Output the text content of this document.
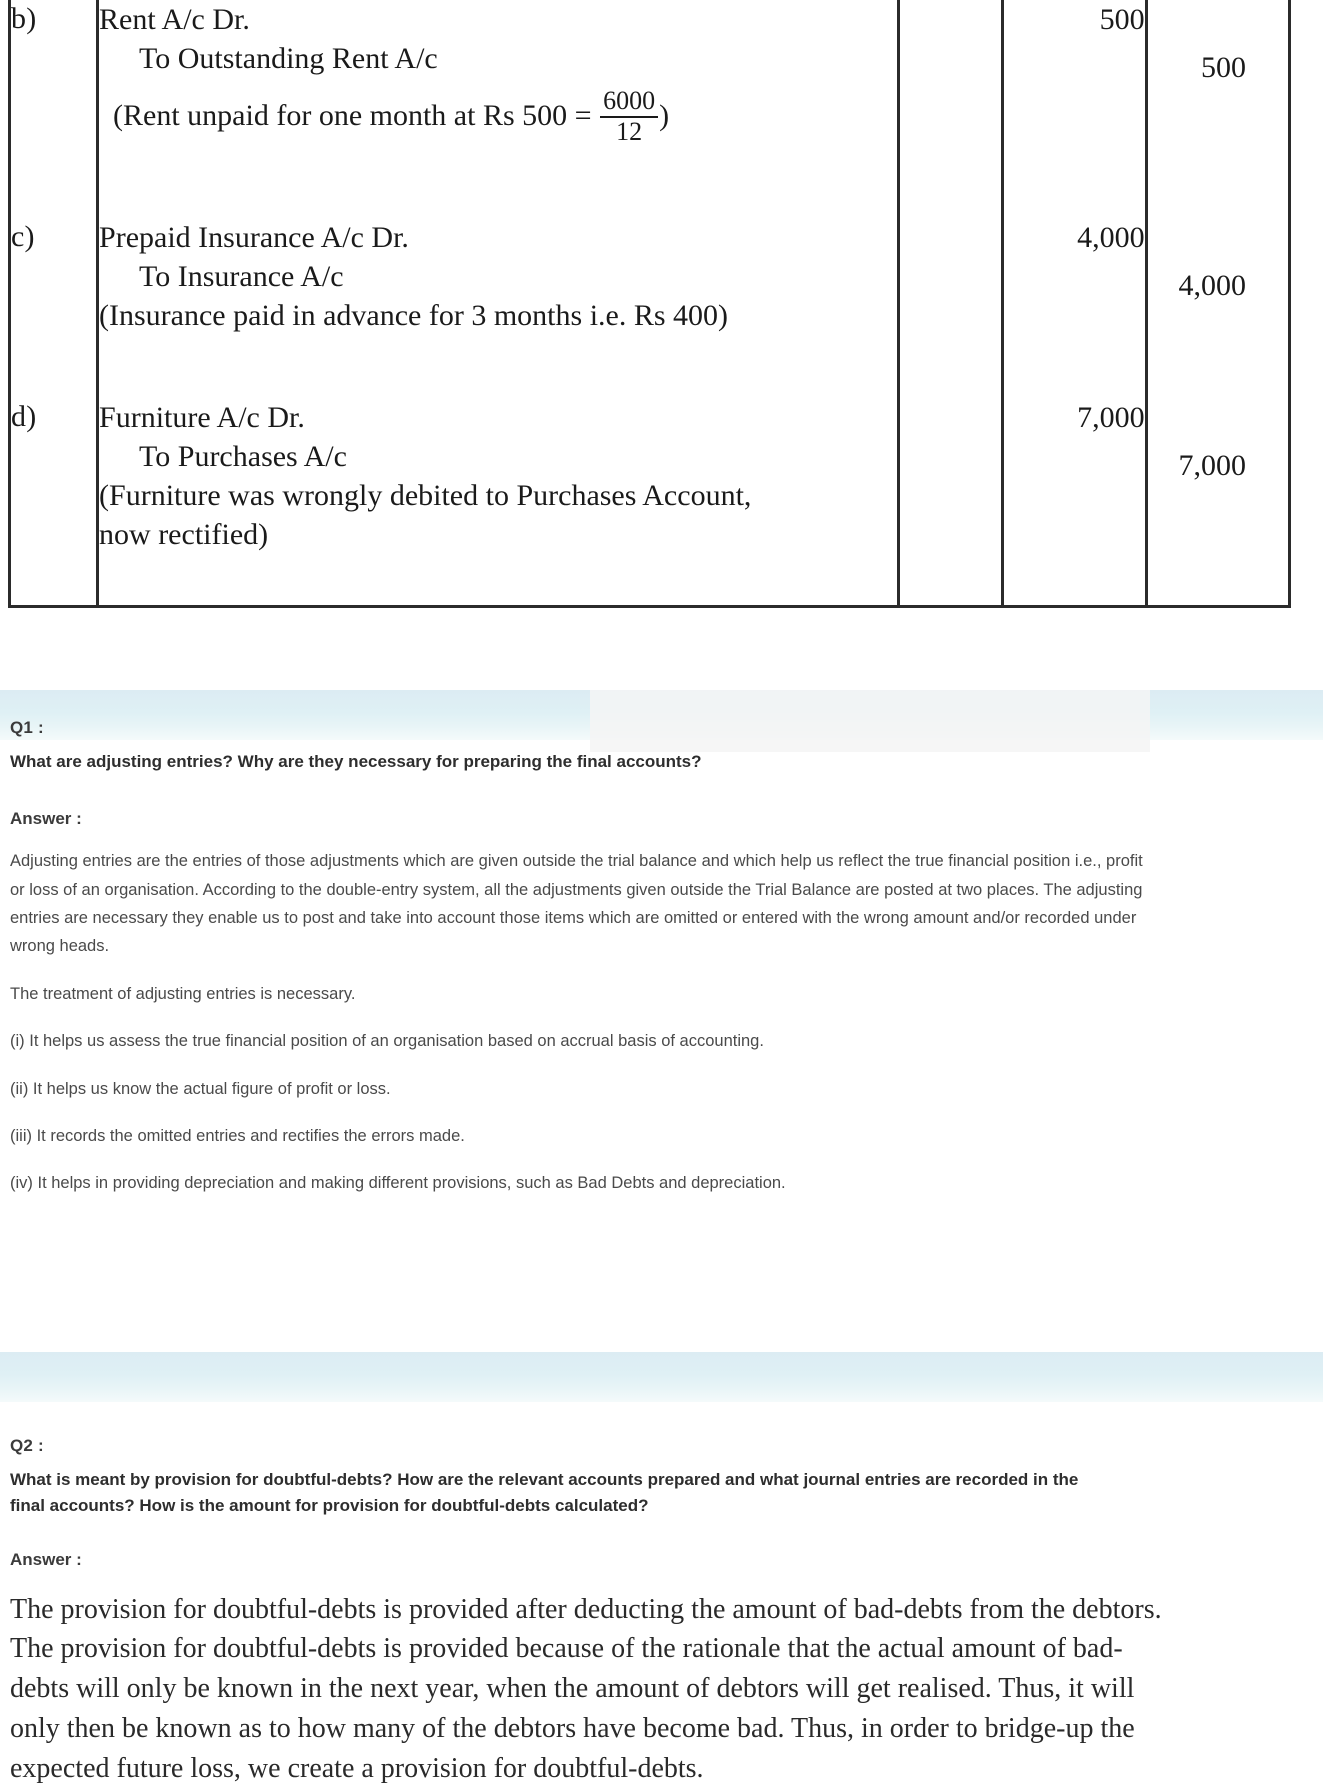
b)	Rent A/c Dr.
To Outstanding Rent A/c
(Rent unpaid for one month at Rs $500 = \frac{6000}{12}$ )
		500	500

c)	Prepaid Insurance A/c Dr.
To Insurance A/c
(Insurance paid in advance for 3 months i.e. Rs 400)		4,000	4,000

d)	Furniture A/c Dr.
To Purchases A/c
(Furniture was wrongly debited to Purchases Account,
now rectified)		7,000	7,000
Q1 :
What are adjusting entries? Why are they necessary for preparing the final accounts?
Answer :

Adjusting entries are the entries of those adjustments which are given outside the trial balance and which help us reflect the true financial position i.e., profit or loss of an organisation. According to the double-entry system, all the adjustments given outside the Trial Balance are posted at two places. The adjusting entries are necessary they enable us to post and take into account those items which are omitted or entered with the wrong amount and/or recorded under wrong heads.

The treatment of adjusting entries is necessary.

(i) It helps us assess the true financial position of an organisation based on accrual basis of accounting.

(ii) It helps us know the actual figure of profit or loss.

(iii) It records the omitted entries and rectifies the errors made.

(iv) It helps in providing depreciation and making different provisions, such as Bad Debts and depreciation.

Q2 :
What is meant by provision for doubtful-debts? How are the relevant accounts prepared and what journal entries are recorded in the final accounts? How is the amount for provision for doubtful-debts calculated?
Answer :

The provision for doubtful-debts is provided after deducting the amount of bad-debts from the debtors. The provision for doubtful-debts is provided because of the rationale that the actual amount of bad-debts will only be known in the next year, when the amount of debtors will get realised. Thus, it will only then be known as to how many of the debtors have become bad. Thus, in order to bridge-up the expected future loss, we create a provision for doubtful-debts.
